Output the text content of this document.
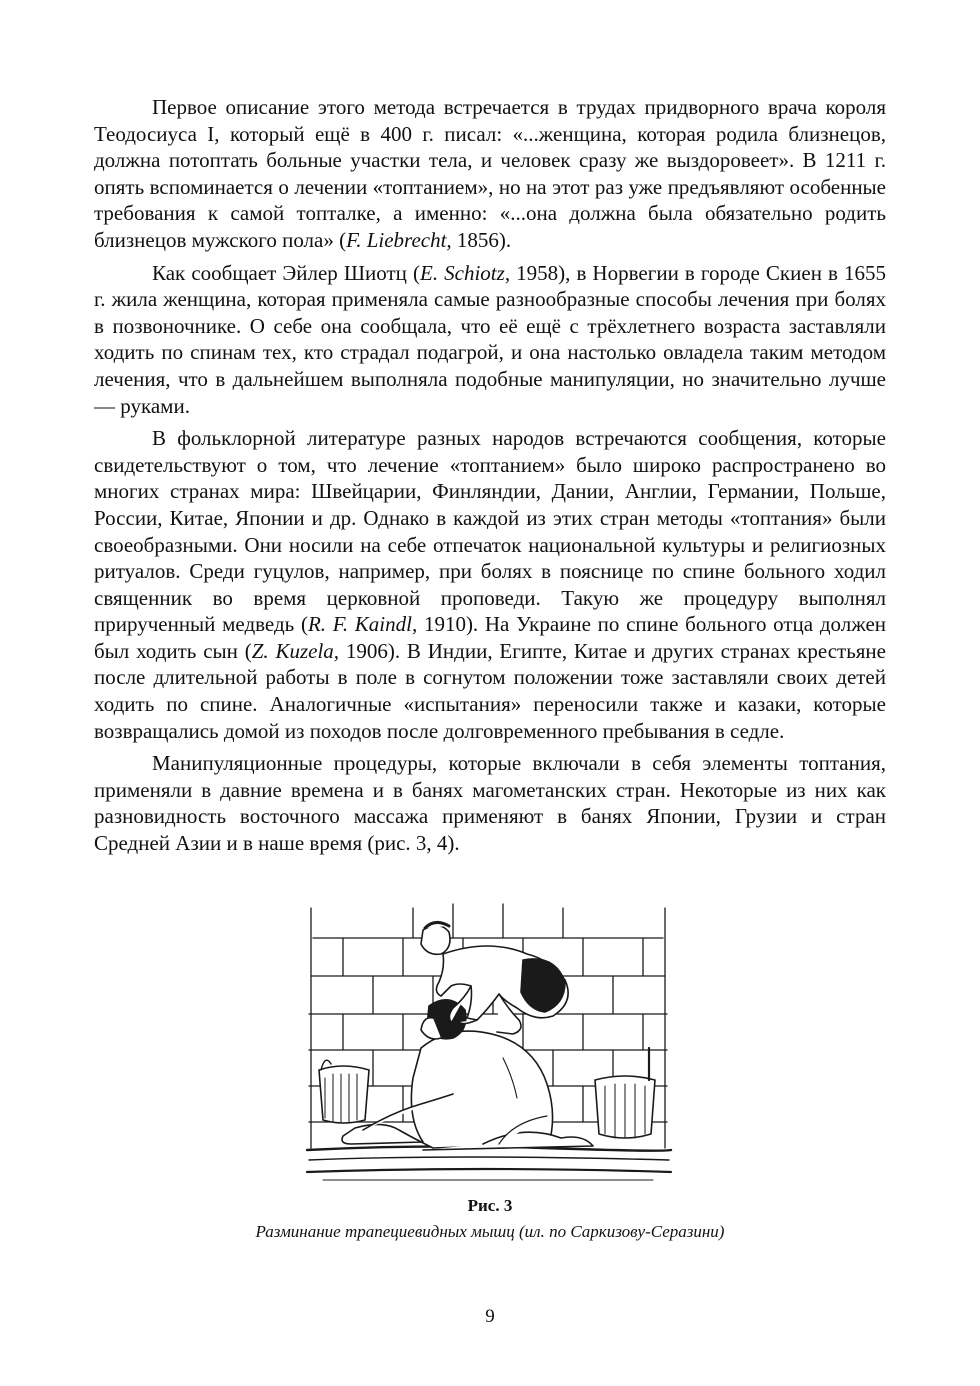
Первое описание этого метода встречается в трудах придворного врача короля Теодосиуса I, который ещё в 400 г. писал: «...женщина, которая родила близнецов, должна потоптать больные участки тела, и человек сразу же выздоровеет». В 1211 г. опять вспоминается о лечении «топтанием», но на этот раз уже предъявляют особенные требования к самой топталке, а именно: «...она должна была обязательно родить близнецов мужского пола» (F. Liebrecht, 1856).

Как сообщает Эйлер Шиотц (E. Schiotz, 1958), в Норвегии в городе Скиен в 1655 г. жила женщина, которая применяла самые разнообразные способы лечения при болях в позвоночнике. О себе она сообщала, что её ещё с трёхлетнего возраста заставляли ходить по спинам тех, кто страдал подагрой, и она настолько овладела таким методом лечения, что в дальнейшем выполняла подобные манипуляции, но значительно лучше — руками.

В фольклорной литературе разных народов встречаются сообщения, которые свидетельствуют о том, что лечение «топтанием» было широко распространено во многих странах мира: Швейцарии, Финляндии, Дании, Англии, Германии, Польше, России, Китае, Японии и др. Однако в каждой из этих стран методы «топтания» были своеобразными. Они носили на себе отпечаток национальной культуры и религиозных ритуалов. Среди гуцулов, например, при болях в пояснице по спине больного ходил священник во время церковной проповеди. Такую же процедуру выполнял прирученный медведь (R. F. Kaindl, 1910). На Украине по спине больного отца должен был ходить сын (Z. Kuzela, 1906). В Индии, Египте, Китае и других странах крестьяне после длительной работы в поле в согнутом положении тоже заставляли своих детей ходить по спине. Аналогичные «испытания» переносили также и казаки, которые возвращались домой из походов после долговременного пребывания в седле.

Манипуляционные процедуры, которые включали в себя элементы топтания, применяли в давние времена и в банях магометанских стран. Некоторые из них как разновидность восточного массажа применяют в банях Японии, Грузии и стран Средней Азии и в наше время (рис. 3, 4).

Рис. 3
Разминание трапециевидных мышц (ил. по Саркизову-Серазини)
9
